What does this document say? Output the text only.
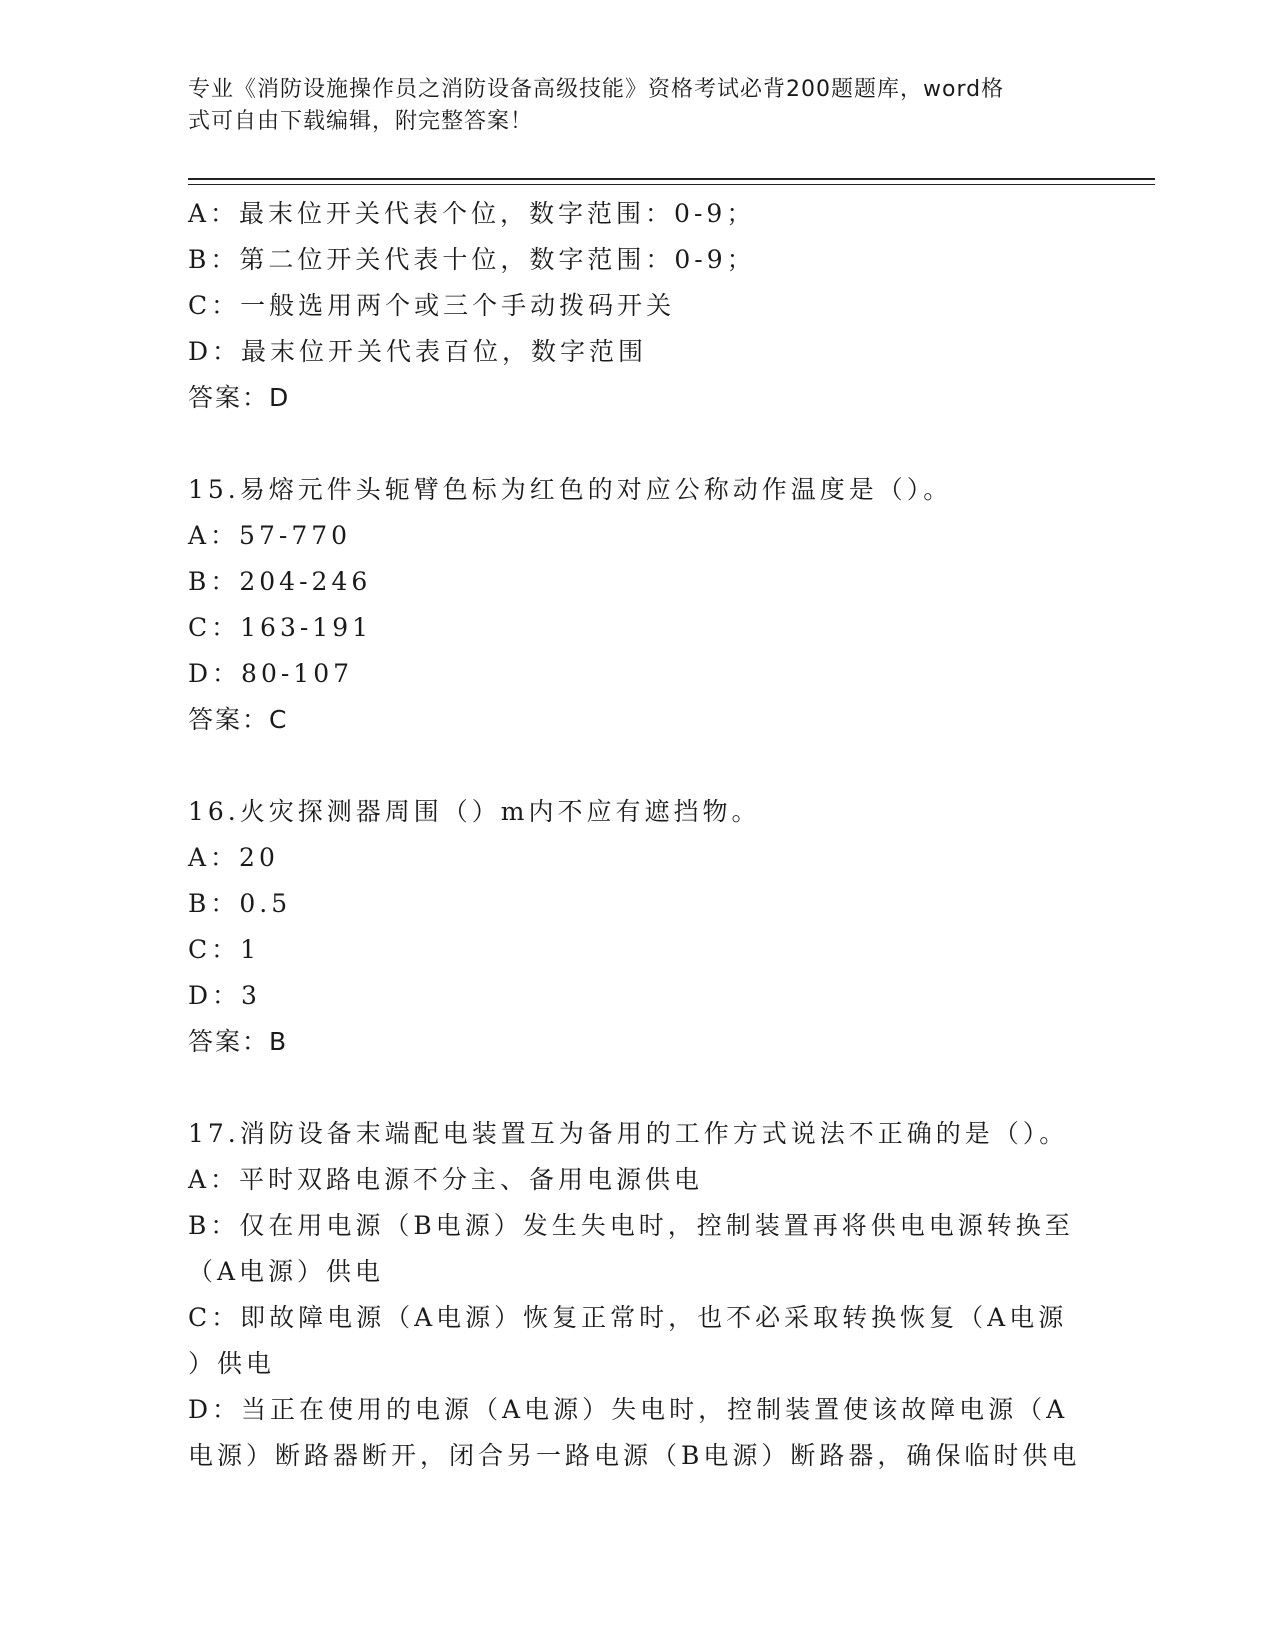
专业《消防设施操作员之消防设备高级技能》资格考试必背200题题库，word格
式可自由下载编辑，附完整答案！
A：最末位开关代表个位，数字范围：0-9；
B：第二位开关代表十位，数字范围：0-9；
C：一般选用两个或三个手动拨码开关
D：最末位开关代表百位，数字范围
答案：D
15.易熔元件头轭臂色标为红色的对应公称动作温度是（）。
A：57-770
B：204-246
C：163-191
D：80-107
答案：C
16.火灾探测器周围（）m内不应有遮挡物。
A：20
B：0.5
C：1
D：3
答案：B
17.消防设备末端配电装置互为备用的工作方式说法不正确的是（）。
A：平时双路电源不分主、备用电源供电
B：仅在用电源（B电源）发生失电时，控制装置再将供电电源转换至
（A电源）供电
C：即故障电源（A电源）恢复正常时，也不必采取转换恢复（A电源
）供电
D：当正在使用的电源（A电源）失电时，控制装置使该故障电源（A
电源）断路器断开，闭合另一路电源（B电源）断路器，确保临时供电
